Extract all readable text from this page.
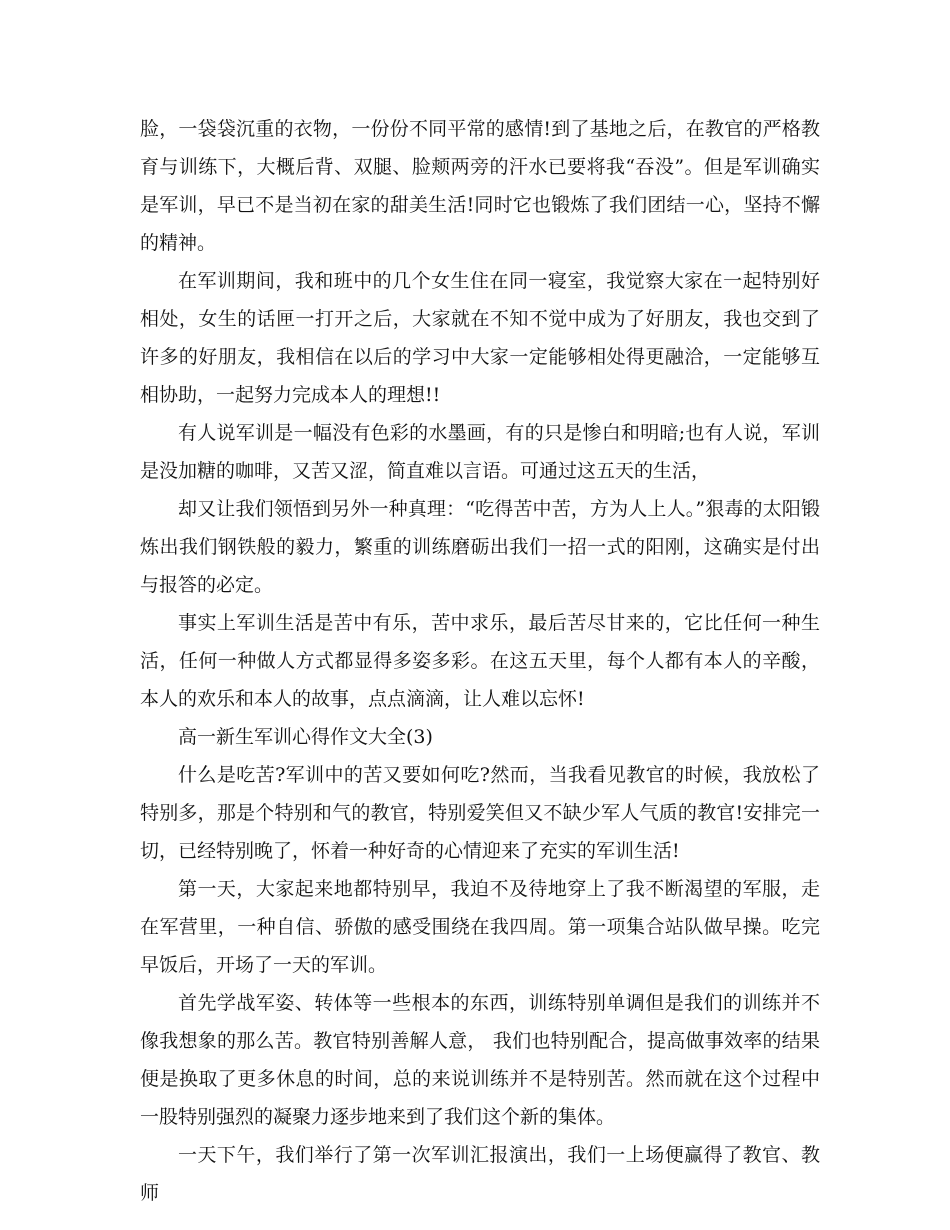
脸，一袋袋沉重的衣物，一份份不同平常的感情!到了基地之后，在教官的严格教育与训练下，大概后背、双腿、脸颊两旁的汗水已要将我“吞没”。但是军训确实是军训，早已不是当初在家的甜美生活!同时它也锻炼了我们团结一心，坚持不懈的精神。

在军训期间，我和班中的几个女生住在同一寝室，我觉察大家在一起特别好相处，女生的话匣一打开之后，大家就在不知不觉中成为了好朋友，我也交到了许多的好朋友，我相信在以后的学习中大家一定能够相处得更融洽，一定能够互相协助，一起努力完成本人的理想!!

有人说军训是一幅没有色彩的水墨画，有的只是惨白和明暗;也有人说，军训是没加糖的咖啡，又苦又涩，简直难以言语。可通过这五天的生活，

却又让我们领悟到另外一种真理：“吃得苦中苦，方为人上人。”狠毒的太阳锻炼出我们钢铁般的毅力，繁重的训练磨砺出我们一招一式的阳刚，这确实是付出与报答的必定。

事实上军训生活是苦中有乐，苦中求乐，最后苦尽甘来的，它比任何一种生活，任何一种做人方式都显得多姿多彩。在这五天里，每个人都有本人的辛酸，本人的欢乐和本人的故事，点点滴滴，让人难以忘怀!

高一新生军训心得作文大全(3)

什么是吃苦?军训中的苦又要如何吃?然而，当我看见教官的时候，我放松了特别多，那是个特别和气的教官，特别爱笑但又不缺少军人气质的教官!安排完一切，已经特别晚了，怀着一种好奇的心情迎来了充实的军训生活!

第一天，大家起来地都特别早，我迫不及待地穿上了我不断渴望的军服，走在军营里，一种自信、骄傲的感受围绕在我四周。第一项集合站队做早操。吃完早饭后，开场了一天的军训。

首先学战军姿、转体等一些根本的东西，训练特别单调但是我们的训练并不像我想象的那么苦。教官特别善解人意， 我们也特别配合，提高做事效率的结果便是换取了更多休息的时间，总的来说训练并不是特别苦。然而就在这个过程中一股特别强烈的凝聚力逐步地来到了我们这个新的集体。

一天下午，我们举行了第一次军训汇报演出，我们一上场便赢得了教官、教师
